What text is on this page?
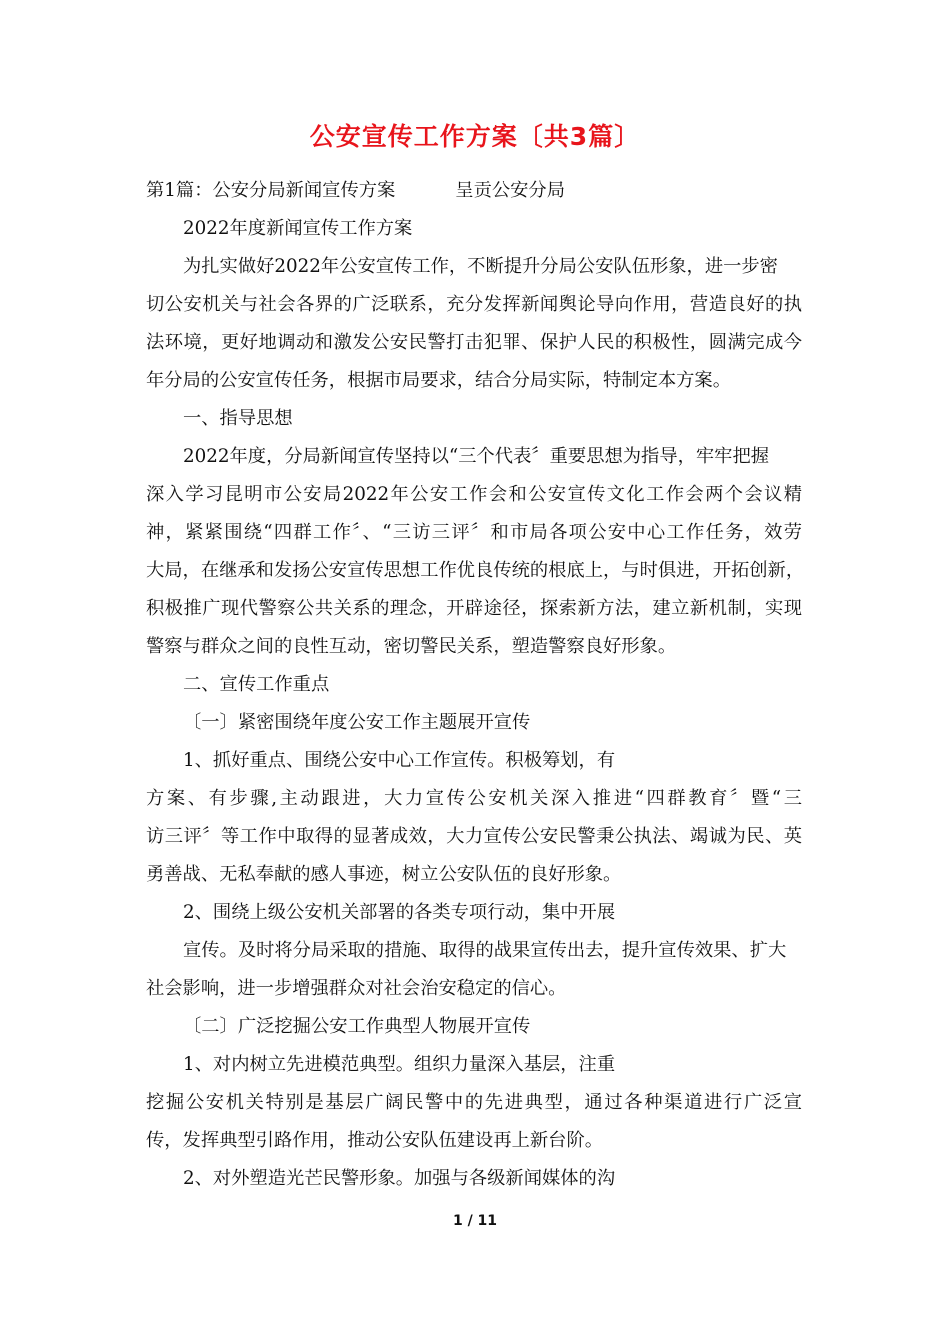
公安宣传工作方案〔共3篇〕
第1篇：公安分局新闻宣传方案	呈贡公安分局
2022年度新闻宣传工作方案
为扎实做好2022年公安宣传工作，不断提升分局公安队伍形象，进一步密
切公安机关与社会各界的广泛联系，充分发挥新闻舆论导向作用，营造良好的执
法环境，更好地调动和激发公安民警打击犯罪、保护人民的积极性，圆满完成今
年分局的公安宣传任务，根据市局要求，结合分局实际，特制定本方案。
一、指导思想
2022年度，分局新闻宣传坚持以“三个代表〞重要思想为指导，牢牢把握
深入学习昆明市公安局2022年公安工作会和公安宣传文化工作会两个会议精
神，紧紧围绕“四群工作〞、“三访三评〞和市局各项公安中心工作任务，效劳
大局，在继承和发扬公安宣传思想工作优良传统的根底上，与时俱进，开拓创新，
积极推广现代警察公共关系的理念，开辟途径，探索新方法，建立新机制，实现
警察与群众之间的良性互动，密切警民关系，塑造警察良好形象。
二、宣传工作重点
〔一〕紧密围绕年度公安工作主题展开宣传
1、抓好重点、围绕公安中心工作宣传。积极筹划，有
方案、有步骤,主动跟进，大力宣传公安机关深入推进“四群教育〞暨“三
访三评〞等工作中取得的显著成效，大力宣传公安民警秉公执法、竭诚为民、英
勇善战、无私奉献的感人事迹，树立公安队伍的良好形象。
2、围绕上级公安机关部署的各类专项行动，集中开展
宣传。及时将分局采取的措施、取得的战果宣传出去，提升宣传效果、扩大
社会影响，进一步增强群众对社会治安稳定的信心。
〔二〕广泛挖掘公安工作典型人物展开宣传
1、对内树立先进模范典型。组织力量深入基层，注重
挖掘公安机关特别是基层广阔民警中的先进典型，通过各种渠道进行广泛宣
传，发挥典型引路作用，推动公安队伍建设再上新台阶。
2、对外塑造光芒民警形象。加强与各级新闻媒体的沟
1 / 11
